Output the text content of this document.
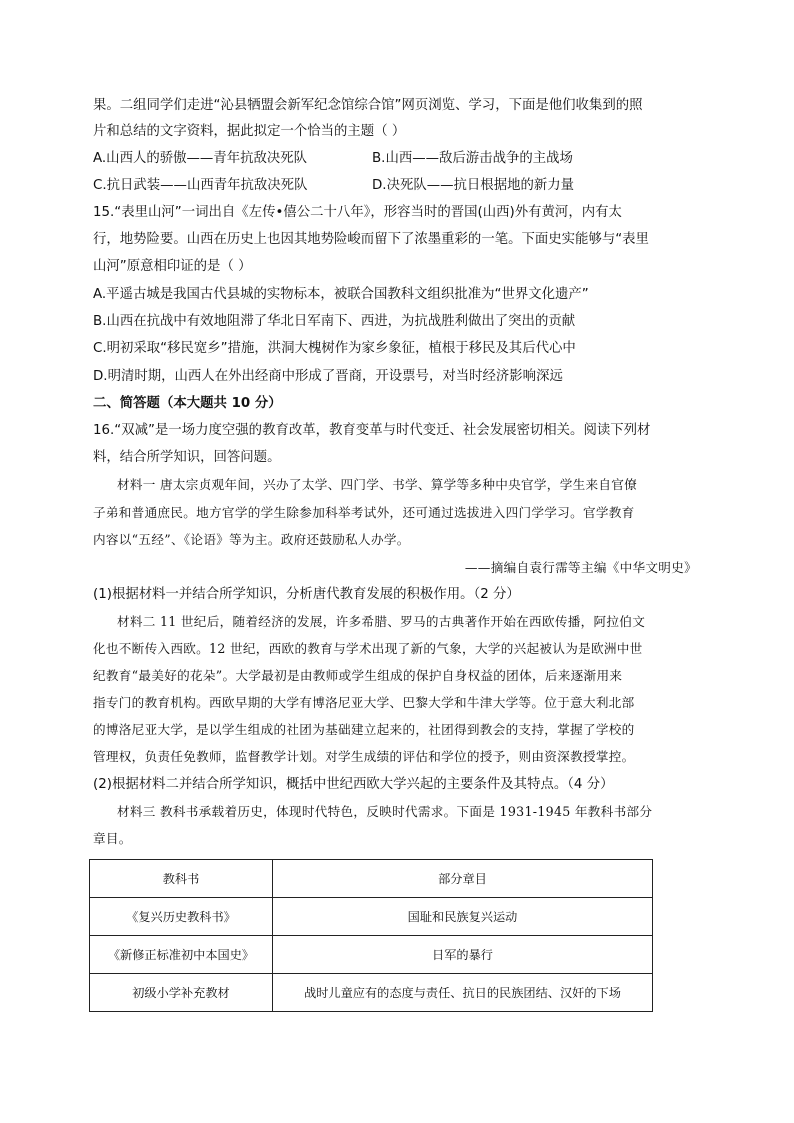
果。二组同学们走进“沁县牺盟会新军纪念馆综合馆”网页浏览、学习，下面是他们收集到的照
片和总结的文字资料，据此拟定一个恰当的主题（ ）
A.山西人的骄傲——青年抗敌决死队	B.山西——敌后游击战争的主战场
C.抗日武装——山西青年抗敌决死队	D.决死队——抗日根据地的新力量
15.“表里山河”一词出自《左传•僖公二十八年》，形容当时的晋国(山西)外有黄河，内有太
行，地势险要。山西在历史上也因其地势险峻而留下了浓墨重彩的一笔。下面史实能够与“表里
山河”原意相印证的是（ ）
A.平遥古城是我国古代县城的实物标本，被联合国教科文组织批准为“世界文化遗产”
B.山西在抗战中有效地阻滞了华北日军南下、西进，为抗战胜利做出了突出的贡献
C.明初采取“移民宽乡”措施，洪洞大槐树作为家乡象征，植根于移民及其后代心中
D.明清时期，山西人在外出经商中形成了晋商，开设票号，对当时经济影响深远
二、简答题（本大题共 10 分）
16.“双减”是一场力度空强的教育改革，教育变革与时代变迁、社会发展密切相关。阅读下列材
料，结合所学知识，回答问题。
材料一 唐太宗贞观年间，兴办了太学、四门学、书学、算学等多种中央官学，学生来自官僚
子弟和普通庶民。地方官学的学生除参加科举考试外，还可通过选拔进入四门学学习。官学教育
内容以“五经”、《论语》等为主。政府还鼓励私人办学。
——摘编自袁行霈等主编《中华文明史》
(1)根据材料一并结合所学知识，分析唐代教育发展的积极作用。（2 分）
材料二 11 世纪后，随着经济的发展，许多希腊、罗马的古典著作开始在西欧传播，阿拉伯文
化也不断传入西欧。12 世纪，西欧的教育与学术出现了新的气象，大学的兴起被认为是欧洲中世
纪教育“最美好的花朵”。大学最初是由教师或学生组成的保护自身权益的团体，后来逐渐用来
指专门的教育机构。西欧早期的大学有博洛尼亚大学、巴黎大学和牛津大学等。位于意大利北部
的博洛尼亚大学，是以学生组成的社团为基础建立起来的，社团得到教会的支持，掌握了学校的
管理权，负责任免教师，监督教学计划。对学生成绩的评估和学位的授予，则由资深教授掌控。
(2)根据材料二并结合所学知识，概括中世纪西欧大学兴起的主要条件及其特点。（4 分）
材料三 教科书承载着历史，体现时代特色，反映时代需求。下面是 1931-1945 年教科书部分
章目。
教科书	部分章目
《复兴历史教科书》	国耻和民族复兴运动
《新修正标准初中本国史》	日军的暴行
初级小学补充教材	战时儿童应有的态度与责任、抗日的民族团结、汉奸的下场
